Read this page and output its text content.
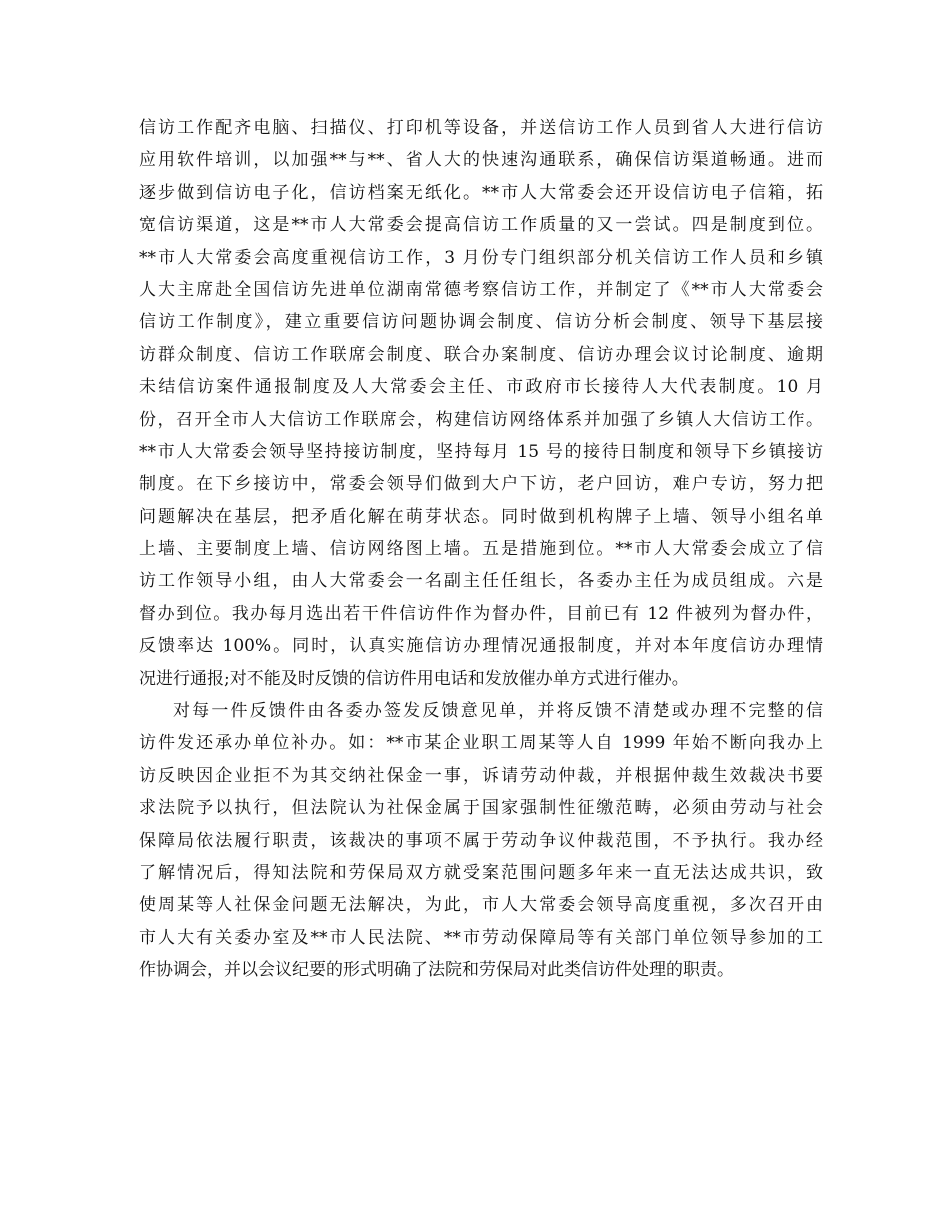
信访工作配齐电脑、扫描仪、打印机等设备，并送信访工作人员到省人大进行信访
应用软件培训，以加强**与**、省人大的快速沟通联系，确保信访渠道畅通。进而
逐步做到信访电子化，信访档案无纸化。**市人大常委会还开设信访电子信箱，拓
宽信访渠道，这是**市人大常委会提高信访工作质量的又一尝试。四是制度到位。
**市人大常委会高度重视信访工作，3 月份专门组织部分机关信访工作人员和乡镇
人大主席赴全国信访先进单位湖南常德考察信访工作，并制定了《**市人大常委会
信访工作制度》，建立重要信访问题协调会制度、信访分析会制度、领导下基层接
访群众制度、信访工作联席会制度、联合办案制度、信访办理会议讨论制度、逾期
未结信访案件通报制度及人大常委会主任、市政府市长接待人大代表制度。10 月
份，召开全市人大信访工作联席会，构建信访网络体系并加强了乡镇人大信访工作。
**市人大常委会领导坚持接访制度，坚持每月 15 号的接待日制度和领导下乡镇接访
制度。在下乡接访中，常委会领导们做到大户下访，老户回访，难户专访，努力把
问题解决在基层，把矛盾化解在萌芽状态。同时做到机构牌子上墙、领导小组名单
上墙、主要制度上墙、信访网络图上墙。五是措施到位。**市人大常委会成立了信
访工作领导小组，由人大常委会一名副主任任组长，各委办主任为成员组成。六是
督办到位。我办每月选出若干件信访件作为督办件，目前已有 12 件被列为督办件，
反馈率达 100%。同时，认真实施信访办理情况通报制度，并对本年度信访办理情
况进行通报;对不能及时反馈的信访件用电话和发放催办单方式进行催办。
对每一件反馈件由各委办签发反馈意见单，并将反馈不清楚或办理不完整的信
访件发还承办单位补办。如：**市某企业职工周某等人自 1999 年始不断向我办上
访反映因企业拒不为其交纳社保金一事，诉请劳动仲裁，并根据仲裁生效裁决书要
求法院予以执行，但法院认为社保金属于国家强制性征缴范畴，必须由劳动与社会
保障局依法履行职责，该裁决的事项不属于劳动争议仲裁范围，不予执行。我办经
了解情况后，得知法院和劳保局双方就受案范围问题多年来一直无法达成共识，致
使周某等人社保金问题无法解决，为此，市人大常委会领导高度重视，多次召开由
市人大有关委办室及**市人民法院、**市劳动保障局等有关部门单位领导参加的工
作协调会，并以会议纪要的形式明确了法院和劳保局对此类信访件处理的职责。
